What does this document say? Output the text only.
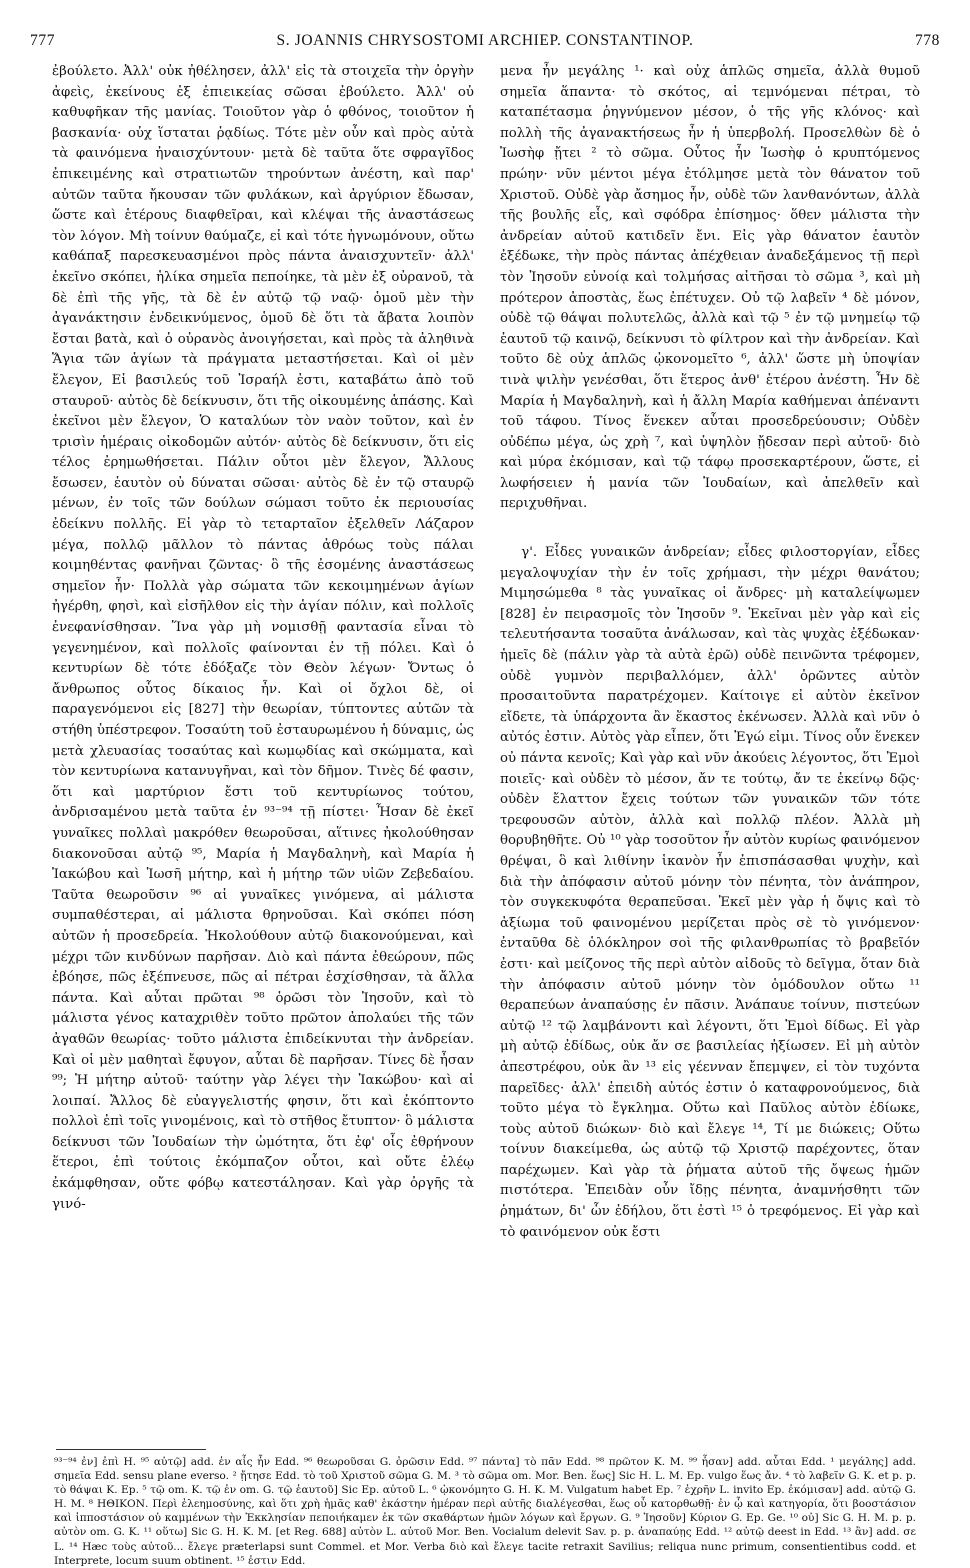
777	S. JOANNIS CHRYSOSTOMI ARCHIEP. CONSTANTINOP.	778

ἐβούλετο. Ἀλλ' οὐκ ἠθέλησεν, ἀλλ' εἰς τὰ στοιχεῖα τὴν ὀργὴν ἀφεὶς, ἐκείνους ἐξ ἐπιεικείας σῶσαι ἐβούλετο. Ἀλλ' οὐ καθυφῆκαν τῆς μανίας. Τοιοῦτον γὰρ ὁ φθόνος, τοιοῦτον ἡ βασκανία· οὐχ ἵσταται ῥᾳδίως. Τότε μὲν οὖν καὶ πρὸς αὐτὰ τὰ φαινόμενα ἠναισχύντουν· μετὰ δὲ ταῦτα ὅτε σφραγῖδος ἐπικειμένης καὶ στρατιωτῶν τηρούντων ἀνέστη, καὶ παρ' αὐτῶν ταῦτα ἤκουσαν τῶν φυλάκων, καὶ ἀργύριον ἔδωσαν, ὥστε καὶ ἑτέρους διαφθεῖραι, καὶ κλέψαι τῆς ἀναστάσεως τὸν λόγον. Μὴ τοίνυν θαύμαζε, εἰ καὶ τότε ἠγνωμόνουν, οὕτω καθάπαξ παρεσκευασμένοι πρὸς πάντα ἀναισχυντεῖν· ἀλλ' ἐκεῖνο σκόπει, ἡλίκα σημεῖα πεποίηκε, τὰ μὲν ἐξ οὐρανοῦ, τὰ δὲ ἐπὶ τῆς γῆς, τὰ δὲ ἐν αὐτῷ τῷ ναῷ· ὁμοῦ μὲν τὴν ἀγανάκτησιν ἐνδεικνύμενος, ὁμοῦ δὲ ὅτι τὰ ἄβατα λοιπὸν ἔσται βατὰ, καὶ ὁ οὐρανὸς ἀνοιγήσεται, καὶ πρὸς τὰ ἀληθινὰ Ἅγια τῶν ἁγίων τὰ πράγματα μεταστήσεται. Καὶ οἱ μὲν ἔλεγον, Εἰ βασιλεύς τοῦ Ἰσραήλ ἐστι, καταβάτω ἀπὸ τοῦ σταυροῦ· αὐτὸς δὲ δείκνυσιν, ὅτι τῆς οἰκουμένης ἁπάσης. Καὶ ἐκεῖνοι μὲν ἔλεγον, Ὁ καταλύων τὸν ναὸν τοῦτον, καὶ ἐν τρισὶν ἡμέραις οἰκοδομῶν αὐτόν· αὐτὸς δὲ δείκνυσιν, ὅτι εἰς τέλος ἐρημωθήσεται. Πάλιν οὗτοι μὲν ἔλεγον, Ἄλλους ἔσωσεν, ἑαυτὸν οὐ δύναται σῶσαι· αὐτὸς δὲ ἐν τῷ σταυρῷ μένων, ἐν τοῖς τῶν δούλων σώμασι τοῦτο ἐκ περιουσίας ἐδείκνυ πολλῆς. Εἰ γὰρ τὸ τεταρταῖον ἐξελθεῖν Λάζαρον μέγα, πολλῷ μᾶλλον τὸ πάντας ἀθρόως τοὺς πάλαι κοιμηθέντας φανῆναι ζῶντας· ὃ τῆς ἐσομένης ἀναστάσεως σημεῖον ἦν· Πολλὰ γὰρ σώματα τῶν κεκοιμημένων ἁγίων ἠγέρθη, φησὶ, καὶ εἰσῆλθον εἰς τὴν ἁγίαν πόλιν, καὶ πολλοῖς ἐνεφανίσθησαν. Ἵνα γὰρ μὴ νομισθῇ φαντασία εἶναι τὸ γεγενημένον, καὶ πολλοῖς φαίνονται ἐν τῇ πόλει. Καὶ ὁ κεντυρίων δὲ τότε ἐδόξαζε τὸν Θεὸν λέγων· Ὄντως ὁ ἄνθρωπος οὗτος δίκαιος ἦν. Καὶ οἱ ὄχλοι δὲ, οἱ παραγενόμενοι εἰς [827] τὴν θεωρίαν, τύπτοντες αὐτῶν τὰ στήθη ὑπέστρεφον. Τοσαύτη τοῦ ἐσταυρωμένου ἡ δύναμις, ὡς μετὰ χλευασίας τοσαύτας καὶ κωμῳδίας καὶ σκώμματα, καὶ τὸν κεντυρίωνα κατανυγῆναι, καὶ τὸν δῆμον. Τινὲς δέ φασιν, ὅτι καὶ μαρτύριον ἔστι τοῦ κεντυρίωνος τούτου, ἀνδρισαμένου μετὰ ταῦτα ἐν ⁹³⁻⁹⁴ τῇ πίστει· Ἦσαν δὲ ἐκεῖ γυναῖκες πολλαὶ μακρόθεν θεωροῦσαι, αἵτινες ἠκολούθησαν διακονοῦσαι αὐτῷ ⁹⁵, Μαρία ἡ Μαγδαληνὴ, καὶ Μαρία ἡ Ἰακώβου καὶ Ἰωσῆ μήτηρ, καὶ ἡ μήτηρ τῶν υἱῶν Ζεβεδαίου. Ταῦτα θεωροῦσιν ⁹⁶ αἱ γυναῖκες γινόμενα, αἱ μάλιστα συμπαθέστεραι, αἱ μάλιστα θρηνοῦσαι. Καὶ σκόπει πόση αὐτῶν ἡ προσεδρεία. Ἠκολούθουν αὐτῷ διακονούμεναι, καὶ μέχρι τῶν κινδύνων παρῆσαν. Διὸ καὶ πάντα ἐθεώρουν, πῶς ἐβόησε, πῶς ἐξέπνευσε, πῶς αἱ πέτραι ἐσχίσθησαν, τὰ ἄλλα πάντα. Καὶ αὗται πρῶται ⁹⁸ ὁρῶσι τὸν Ἰησοῦν, καὶ τὸ μάλιστα γένος καταχριθὲν τοῦτο πρῶτον ἀπολαύει τῆς τῶν ἀγαθῶν θεωρίας· τοῦτο μάλιστα ἐπιδείκνυται τὴν ἀνδρείαν. Καὶ οἱ μὲν μαθηταὶ ἔφυγον, αὗται δὲ παρῆσαν. Τίνες δὲ ἦσαν ⁹⁹; Ἡ μήτηρ αὐτοῦ· ταύτην γὰρ λέγει τὴν Ἰακώβου· καὶ αἱ λοιπαί. Ἄλλος δὲ εὐαγγελιστής φησιν, ὅτι καὶ ἐκόπτοντο πολλοὶ ἐπὶ τοῖς γινομένοις, καὶ τὸ στῆθος ἔτυπτον· ὃ μάλιστα δείκνυσι τῶν Ἰουδαίων τὴν ὠμότητα, ὅτι ἐφ' οἷς ἐθρήνουν ἕτεροι, ἐπὶ τούτοις ἐκόμπαζον οὗτοι, καὶ οὔτε ἐλέῳ ἐκάμφθησαν, οὔτε φόβῳ κατεστάλησαν. Καὶ γὰρ ὀργῆς τὰ γινό-

μενα ἦν μεγάλης ¹· καὶ οὐχ ἁπλῶς σημεῖα, ἀλλὰ θυμοῦ σημεῖα ἅπαντα· τὸ σκότος, αἱ τεμνόμεναι πέτραι, τὸ καταπέτασμα ῥηγνύμενον μέσον, ὁ τῆς γῆς κλόνος· καὶ πολλὴ τῆς ἀγανακτήσεως ἦν ἡ ὑπερβολή. Προσελθὼν δὲ ὁ Ἰωσὴφ ᾔτει ² τὸ σῶμα. Οὗτος ἦν Ἰωσὴφ ὁ κρυπτόμενος πρώην· νῦν μέντοι μέγα ἐτόλμησε μετὰ τὸν θάνατον τοῦ Χριστοῦ. Οὐδὲ γὰρ ἄσημος ἦν, οὐδὲ τῶν λανθανόντων, ἀλλὰ τῆς βουλῆς εἷς, καὶ σφόδρα ἐπίσημος· ὅθεν μάλιστα τὴν ἀνδρείαν αὐτοῦ κατιδεῖν ἔνι. Εἰς γὰρ θάνατον ἑαυτὸν ἐξέδωκε, τὴν πρὸς πάντας ἀπέχθειαν ἀναδεξάμενος τῇ περὶ τὸν Ἰησοῦν εὐνοίᾳ καὶ τολμήσας αἰτῆσαι τὸ σῶμα ³, καὶ μὴ πρότερον ἀποστὰς, ἕως ἐπέτυχεν. Οὐ τῷ λαβεῖν ⁴ δὲ μόνον, οὐδὲ τῷ θάψαι πολυτελῶς, ἀλλὰ καὶ τῷ ⁵ ἐν τῷ μνημείῳ τῷ ἑαυτοῦ τῷ καινῷ, δείκνυσι τὸ φίλτρον καὶ τὴν ἀνδρείαν. Καὶ τοῦτο δὲ οὐχ ἁπλῶς ᾠκονομεῖτο ⁶, ἀλλ' ὥστε μὴ ὑποψίαν τινὰ ψιλὴν γενέσθαι, ὅτι ἕτερος ἀνθ' ἑτέρου ἀνέστη. Ἦν δὲ Μαρία ἡ Μαγδαληνὴ, καὶ ἡ ἄλλη Μαρία καθήμεναι ἀπέναντι τοῦ τάφου. Τίνος ἕνεκεν αὗται προσεδρεύουσιν; Οὐδὲν οὐδέπω μέγα, ὡς χρὴ ⁷, καὶ ὑψηλὸν ᾔδεσαν περὶ αὐτοῦ· διὸ καὶ μύρα ἐκόμισαν, καὶ τῷ τάφῳ προσεκαρτέρουν, ὥστε, εἰ λωφήσειεν ἡ μανία τῶν Ἰουδαίων, καὶ ἀπελθεῖν καὶ περιχυθῆναι.

γ'. Εἶδες γυναικῶν ἀνδρείαν; εἶδες φιλοστοργίαν, εἶδες μεγαλοψυχίαν τὴν ἐν τοῖς χρήμασι, τὴν μέχρι θανάτου; Μιμησώμεθα ⁸ τὰς γυναῖκας οἱ ἄνδρες· μὴ καταλείψωμεν [828] ἐν πειρασμοῖς τὸν Ἰησοῦν ⁹. Ἐκεῖναι μὲν γὰρ καὶ εἰς τελευτήσαντα τοσαῦτα ἀνάλωσαν, καὶ τὰς ψυχὰς ἐξέδωκαν· ἡμεῖς δὲ (πάλιν γὰρ τὰ αὐτὰ ἐρῶ) οὐδὲ πεινῶντα τρέφομεν, οὐδὲ γυμνὸν περιβαλλόμεν, ἀλλ' ὁρῶντες αὐτὸν προσαιτοῦντα παρατρέχομεν. Καίτοιγε εἰ αὐτὸν ἐκεῖνον εἴδετε, τὰ ὑπάρχοντα ἂν ἕκαστος ἐκένωσεν. Ἀλλὰ καὶ νῦν ὁ αὐτός ἐστιν. Αὐτὸς γὰρ εἶπεν, ὅτι Ἐγώ εἰμι. Τίνος οὖν ἕνεκεν οὐ πάντα κενοῖς; Καὶ γὰρ καὶ νῦν ἀκούεις λέγοντος, ὅτι Ἐμοὶ ποιεῖς· καὶ οὐδὲν τὸ μέσον, ἄν τε τούτῳ, ἄν τε ἐκείνῳ δῷς· οὐδὲν ἔλαττον ἔχεις τούτων τῶν γυναικῶν τῶν τότε τρεφουσῶν αὐτὸν, ἀλλὰ καὶ πολλῷ πλέον. Ἀλλὰ μὴ θορυβηθῆτε. Οὐ ¹⁰ γὰρ τοσοῦτον ἦν αὐτὸν κυρίως φαινόμενον θρέψαι, ὃ καὶ λιθίνην ἱκανὸν ἦν ἐπισπάσασθαι ψυχὴν, καὶ διὰ τὴν ἀπόφασιν αὐτοῦ μόνην τὸν πένητα, τὸν ἀνάπηρον, τὸν συγκεκυφότα θεραπεῦσαι. Ἐκεῖ μὲν γὰρ ἡ ὄψις καὶ τὸ ἀξίωμα τοῦ φαινομένου μερίζεται πρὸς σὲ τὸ γινόμενον· ἐνταῦθα δὲ ὁλόκληρον σοὶ τῆς φιλανθρωπίας τὸ βραβεῖόν ἐστι· καὶ μείζονος τῆς περὶ αὐτὸν αἰδοῦς τὸ δεῖγμα, ὅταν διὰ τὴν ἀπόφασιν αὐτοῦ μόνην τὸν ὁμόδουλον οὕτω ¹¹ θεραπεύων ἀναπαύσῃς ἐν πᾶσιν. Ἀνάπαυε τοίνυν, πιστεύων αὐτῷ ¹² τῷ λαμβάνοντι καὶ λέγοντι, ὅτι Ἐμοὶ δίδως. Εἰ γὰρ μὴ αὐτῷ ἐδίδως, οὐκ ἄν σε βασιλείας ἠξίωσεν. Εἰ μὴ αὐτὸν ἀπεστρέφου, οὐκ ἂν ¹³ εἰς γέενναν ἔπεμψεν, εἰ τὸν τυχόντα παρεῖδες· ἀλλ' ἐπειδὴ αὐτός ἐστιν ὁ καταφρονούμενος, διὰ τοῦτο μέγα τὸ ἔγκλημα. Οὕτω καὶ Παῦλος αὐτὸν ἐδίωκε, τοὺς αὐτοῦ διώκων· διὸ καὶ ἔλεγε ¹⁴, Τί με διώκεις; Οὕτω τοίνυν διακείμεθα, ὡς αὐτῷ τῷ Χριστῷ παρέχοντες, ὅταν παρέχωμεν. Καὶ γὰρ τὰ ῥήματα αὐτοῦ τῆς ὄψεως ἡμῶν πιστότερα. Ἐπειδὰν οὖν ἴδῃς πένητα, ἀναμνήσθητι τῶν ῥημάτων, δι' ὧν ἐδήλου, ὅτι ἐστὶ ¹⁵ ὁ τρεφόμενος. Εἰ γὰρ καὶ τὸ φαινόμενον οὐκ ἔστι

⁹³⁻⁹⁴ ἐν] ἐπὶ H. ⁹⁵ αὐτῷ] add. ἐν αἷς ἦν Edd. ⁹⁶ θεωροῦσαι G. ὁρῶσιν Edd. ⁹⁷ πάντα] τὸ πᾶν Edd. ⁹⁸ πρῶτον K. M. ⁹⁹ ἦσαν] add. αὗται Edd. ¹ μεγάλης] add. σημεῖα Edd. sensu plane everso. ² ᾔτησε Edd. τὸ τοῦ Χριστοῦ σῶμα G. M. ³ τὸ σῶμα om. Mor. Ben. ἕως] Sic H. L. M. Ep. vulgo ἕως ἄν. ⁴ τὸ λαβεῖν G. K. et p. p. τὸ θάψαι K. Ep. ⁵ τῷ om. K. τῷ ἐν om. G. τῷ ἑαυτοῦ] Sic Ep. αὐτοῦ L. ⁶ ᾠκονόμητο G. H. K. M. Vulgatum habet Ep. ⁷ ἐχρῆν L. invito Ep. ἐκόμισαν] add. αὐτῷ G. H. M. ⁸ ΗΘΙΚΟΝ. Περὶ ἐλεημοσύνης, καὶ ὅτι χρὴ ἡμᾶς καθ' ἑκάστην ἡμέραν περὶ αὐτῆς διαλέγεσθαι, ἕως οὗ κατορθωθῇ· ἐν ᾧ καὶ κατηγορία, ὅτι βοοστάσιον καὶ ἱπποστάσιον οὐ καμμένων τὴν Ἐκκλησίαν πεποιήκαμεν ἐκ τῶν σκαθάρτων ἡμῶν λόγων καὶ ἔργων. G. ⁹ Ἰησοῦν] Κύριον G. Ep. Ge. ¹⁰ οὐ] Sic G. H. M. p. p. αὐτὸν om. G. K. ¹¹ οὕτω] Sic G. H. K. M. [et Reg. 688] αὐτὸν L. αὐτοῦ Mor. Ben. Vocialum delevit Sav. p. p. ἀναπαύῃς Edd. ¹² αὐτῷ deest in Edd. ¹³ ἂν] add. σε L. ¹⁴ Hæc τοὺς αὐτοῦ... ἔλεγε præterlapsi sunt Commel. et Mor. Verba διὸ καὶ ἔλεγε tacite retraxit Savilius; reliqua nunc primum, consentientibus codd. et Interprete, locum suum obtinent. ¹⁵ ἐστιν Edd.
